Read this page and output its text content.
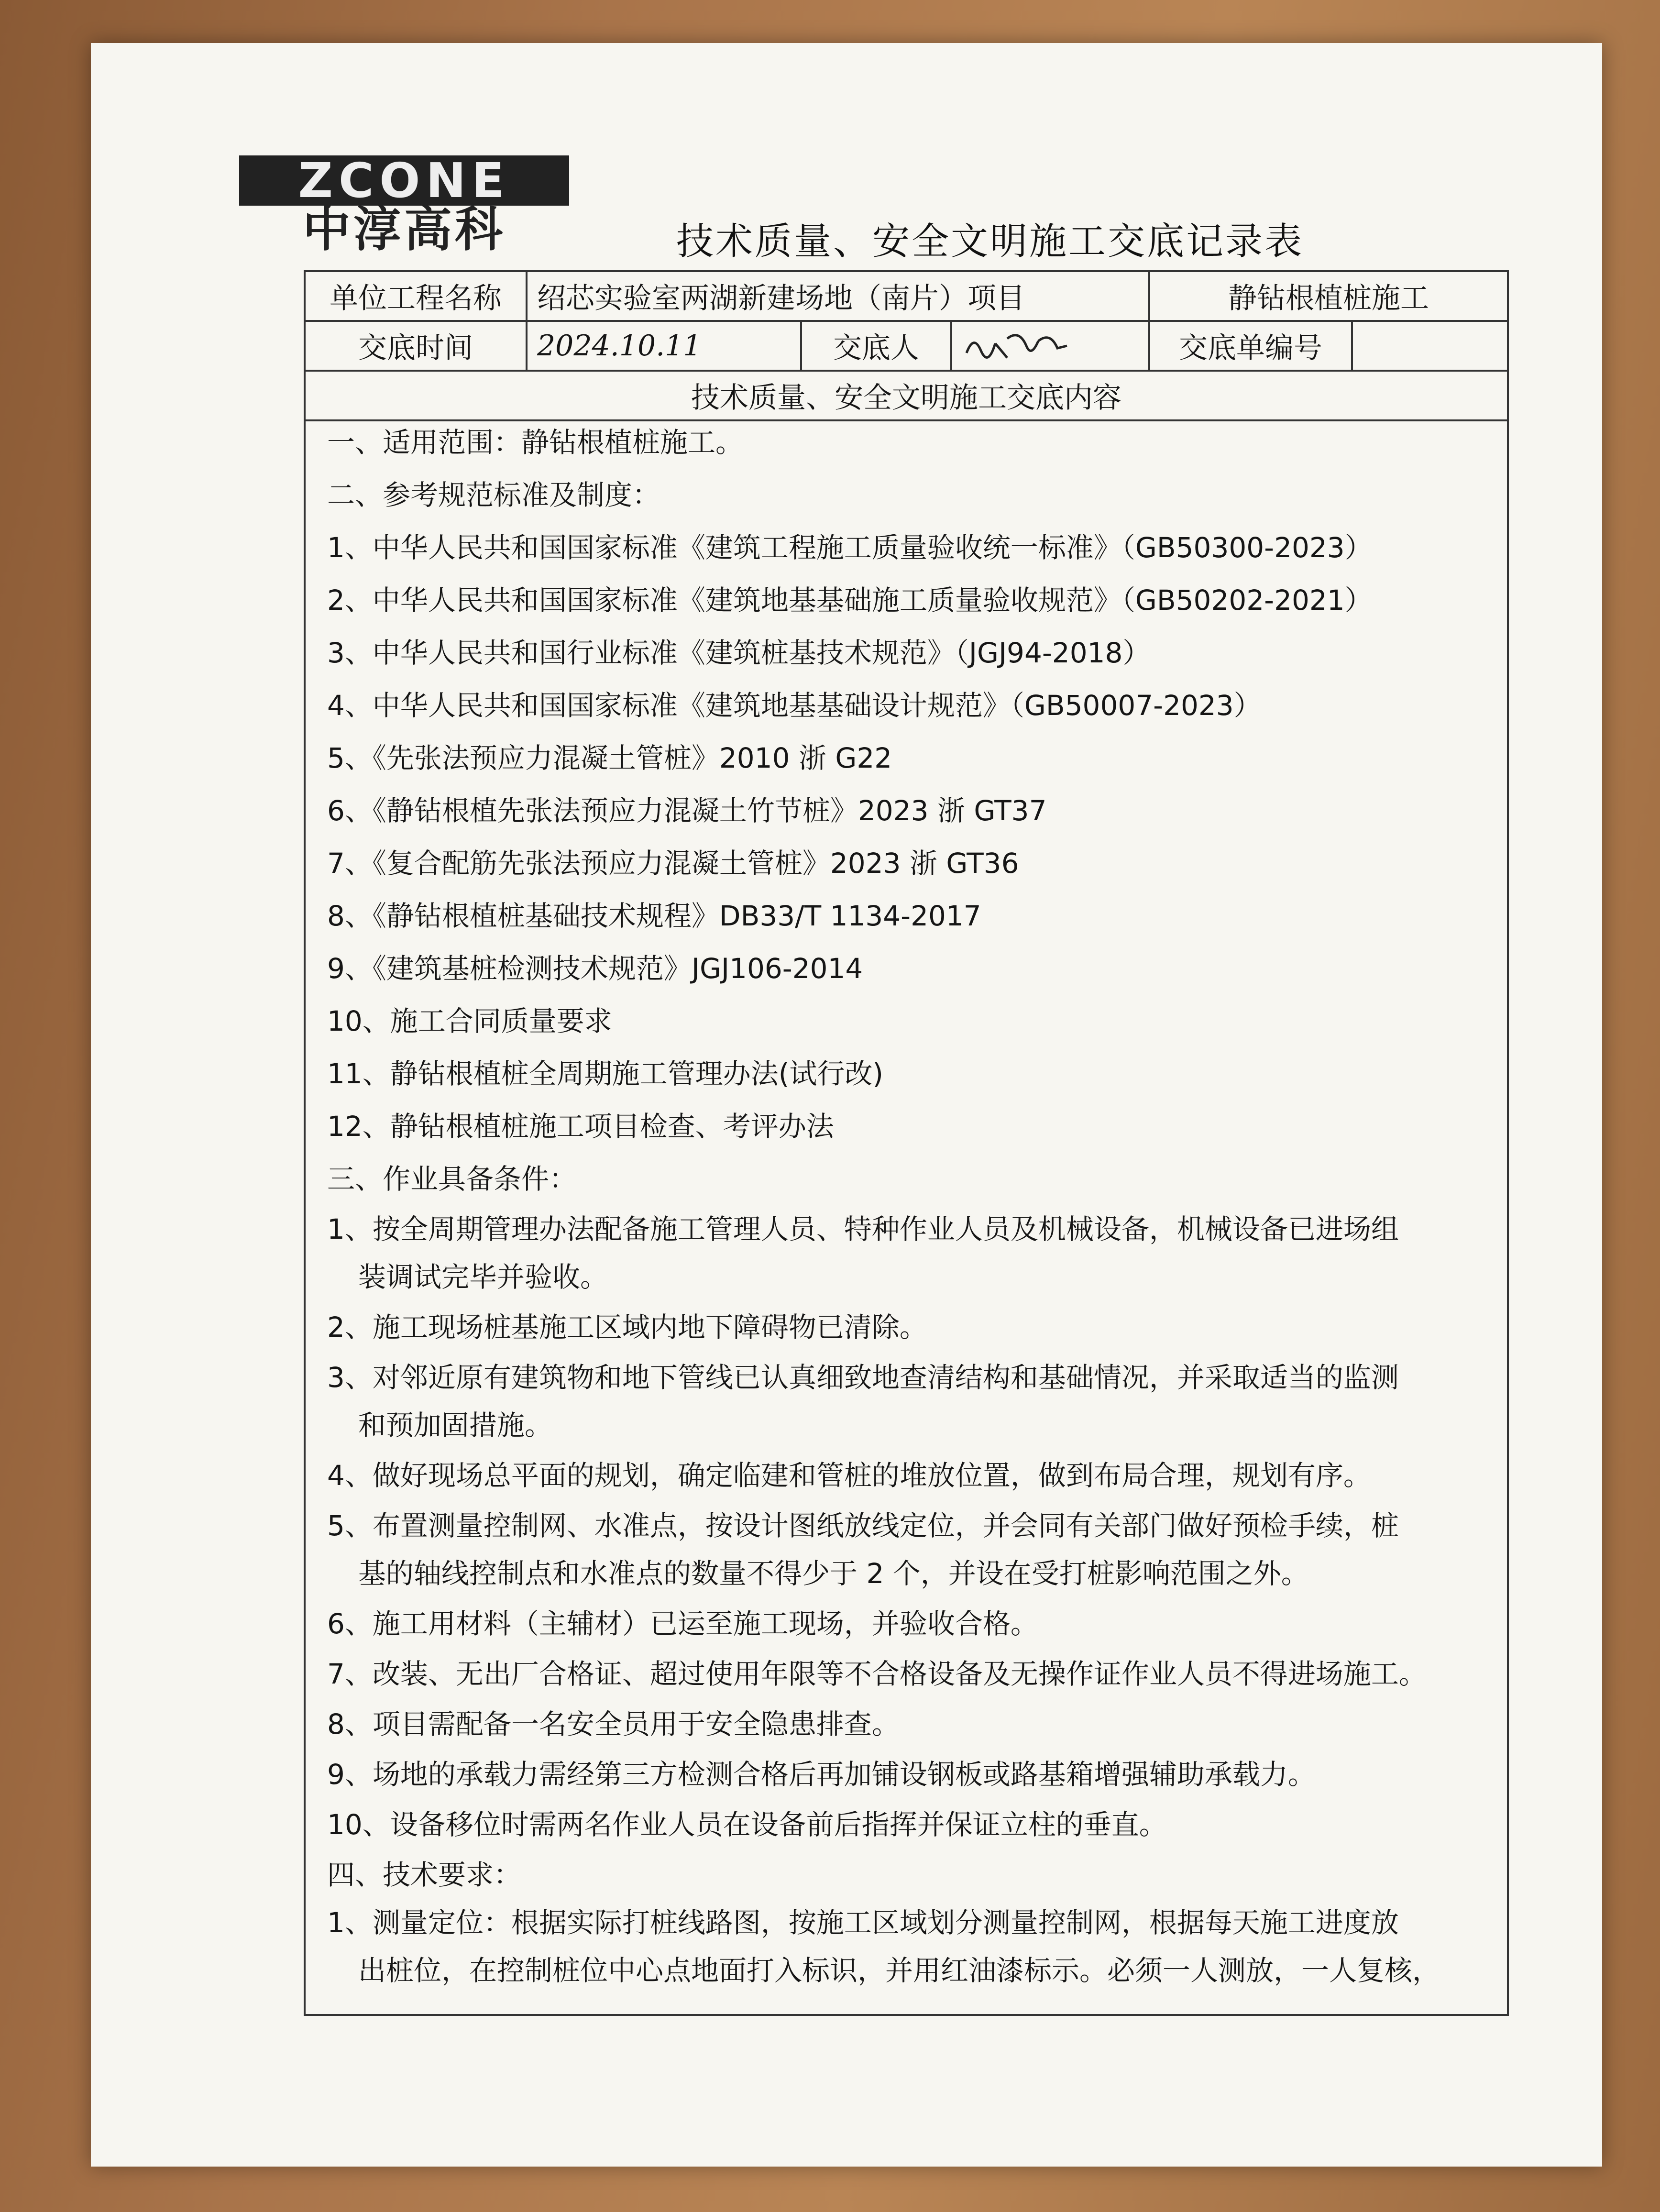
ZCONE
中淳高科	技术质量、安全文明施工交底记录表
单位工程名称	绍芯实验室两湖新建场地（南片）项目			静钻根植桩施工	
交底时间	2024.10.11	交底人		交底单编号	
技术质量、安全文明施工交底内容					
一、适用范围：静钻根植桩施工。
二、参考规范标准及制度：
1、中华人民共和国国家标准《建筑工程施工质量验收统一标准》（GB50300-2023）
2、中华人民共和国国家标准《建筑地基基础施工质量验收规范》（GB50202-2021）
3、中华人民共和国行业标准《建筑桩基技术规范》（JGJ94-2018）
4、中华人民共和国国家标准《建筑地基基础设计规范》（GB50007-2023）
5、《先张法预应力混凝土管桩》2010 浙 G22
6、《静钻根植先张法预应力混凝土竹节桩》2023 浙 GT37
7、《复合配筋先张法预应力混凝土管桩》2023 浙 GT36
8、《静钻根植桩基础技术规程》DB33/T 1134-2017
9、《建筑基桩检测技术规范》JGJ106-2014
10、施工合同质量要求
11、静钻根植桩全周期施工管理办法(试行改)
12、静钻根植桩施工项目检查、考评办法
三、作业具备条件：
1、按全周期管理办法配备施工管理人员、特种作业人员及机械设备，机械设备已进场组
装调试完毕并验收。
2、施工现场桩基施工区域内地下障碍物已清除。
3、对邻近原有建筑物和地下管线已认真细致地查清结构和基础情况，并采取适当的监测
和预加固措施。
4、做好现场总平面的规划，确定临建和管桩的堆放位置，做到布局合理，规划有序。
5、布置测量控制网、水准点，按设计图纸放线定位，并会同有关部门做好预检手续，桩
基的轴线控制点和水准点的数量不得少于 2 个，并设在受打桩影响范围之外。
6、施工用材料（主辅材）已运至施工现场，并验收合格。
7、改装、无出厂合格证、超过使用年限等不合格设备及无操作证作业人员不得进场施工。
8、项目需配备一名安全员用于安全隐患排查。
9、场地的承载力需经第三方检测合格后再加铺设钢板或路基箱增强辅助承载力。
10、设备移位时需两名作业人员在设备前后指挥并保证立柱的垂直。
四、技术要求：
1、测量定位：根据实际打桩线路图，按施工区域划分测量控制网，根据每天施工进度放
出桩位，在控制桩位中心点地面打入标识，并用红油漆标示。必须一人测放，一人复核，
